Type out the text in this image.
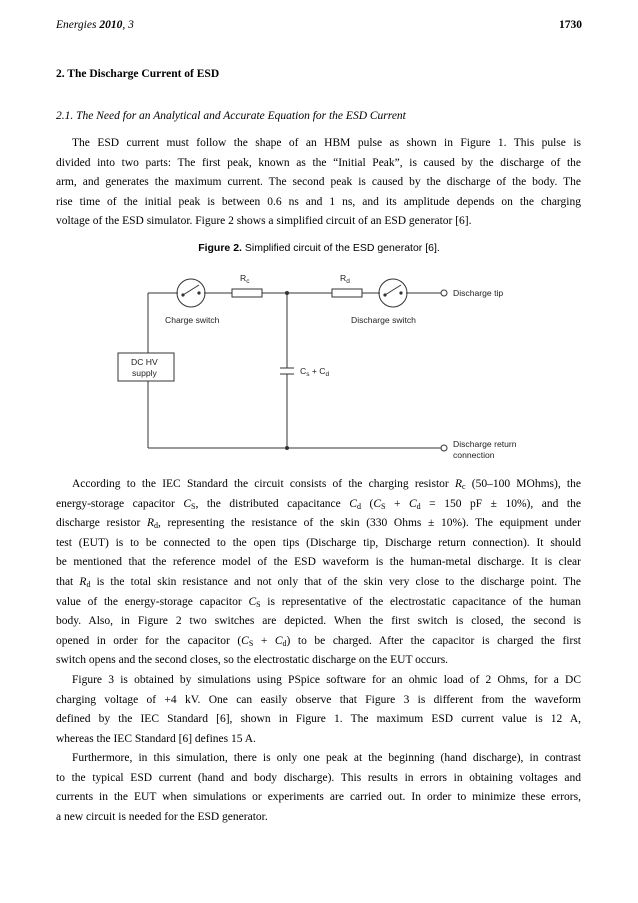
Energies 2010, 3	1730
2. The Discharge Current of ESD
2.1. The Need for an Analytical and Accurate Equation for the ESD Current
The ESD current must follow the shape of an HBM pulse as shown in Figure 1. This pulse is
divided into two parts: The first peak, known as the “Initial Peak”, is caused by the discharge of the
arm, and generates the maximum current. The second peak is caused by the discharge of the body. The
rise time of the initial peak is between 0.6 ns and 1 ns, and its amplitude depends on the charging
voltage of the ESD simulator. Figure 2 shows a simplified circuit of an ESD generator [6].
Figure 2. Simplified circuit of the ESD generator [6].
$R_c$	$R_d$
Charge switch	Discharge switch
Discharge tip
DC HV
supply	$C_s + C_d$
Discharge return
connection
According to the IEC Standard the circuit consists of the charging resistor $R_c$ (50–100 MOhms), the
energy-storage capacitor $C_S$, the distributed capacitance $C_d$ ($C_S + C_d = 150$ pF ± 10%), and the
discharge resistor $R_d$, representing the resistance of the skin (330 Ohms ± 10%). The equipment under
test (EUT) is to be connected to the open tips (Discharge tip, Discharge return connection). It should
be mentioned that the reference model of the ESD waveform is the human-metal discharge. It is clear
that $R_d$ is the total skin resistance and not only that of the skin very close to the discharge point. The
value of the energy-storage capacitor $C_S$ is representative of the electrostatic capacitance of the human
body. Also, in Figure 2 two switches are depicted. When the first switch is closed, the second is
opened in order for the capacitor $(C_S + C_d)$ to be charged. After the capacitor is charged the first
switch opens and the second closes, so the electrostatic discharge on the EUT occurs.
Figure 3 is obtained by simulations using PSpice software for an ohmic load of 2 Ohms, for a DC
charging voltage of +4 kV. One can easily observe that Figure 3 is different from the waveform
defined by the IEC Standard [6], shown in Figure 1. The maximum ESD current value is 12 A,
whereas the IEC Standard [6] defines 15 A.
Furthermore, in this simulation, there is only one peak at the beginning (hand discharge), in contrast
to the typical ESD current (hand and body discharge). This results in errors in obtaining voltages and
currents in the EUT when simulations or experiments are carried out. In order to minimize these errors,
a new circuit is needed for the ESD generator.
